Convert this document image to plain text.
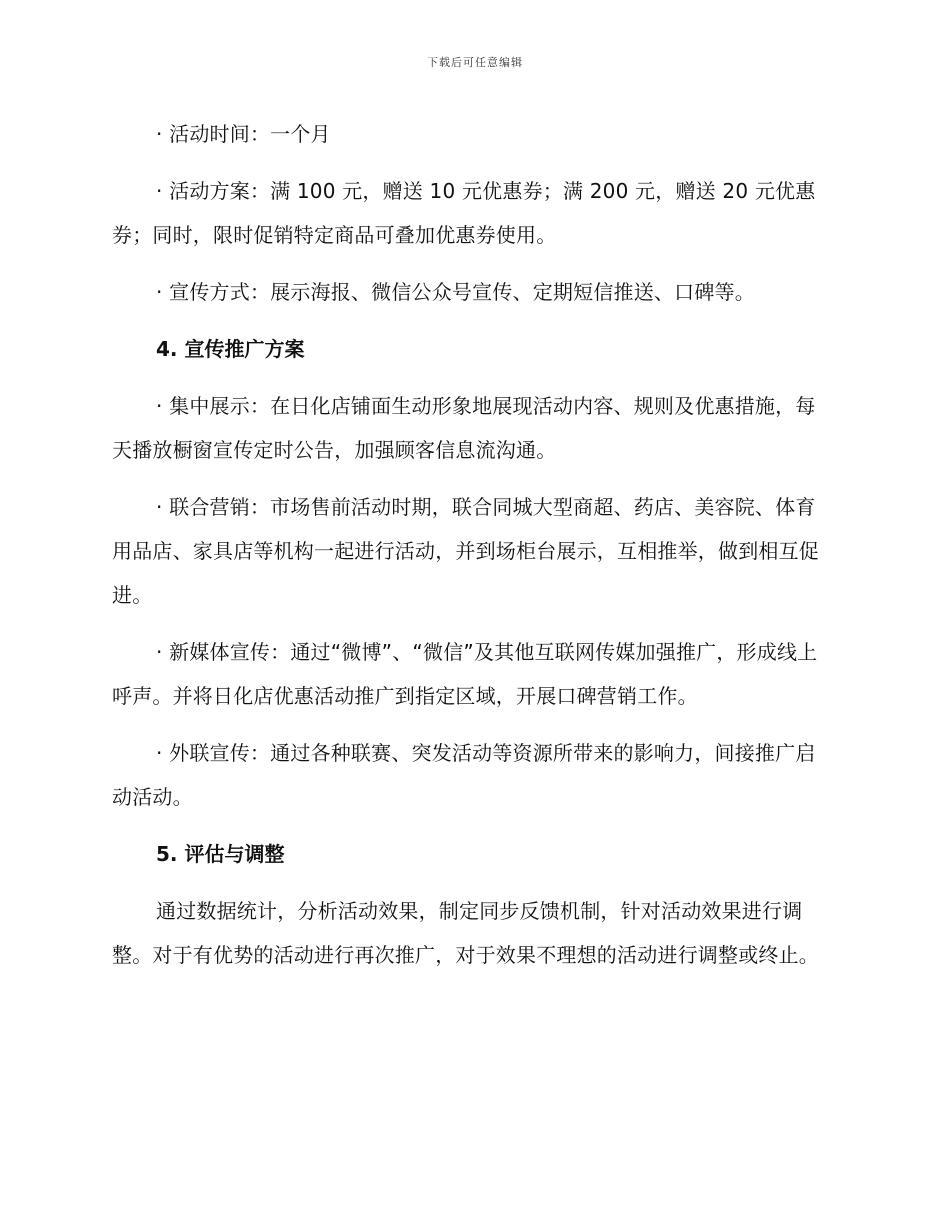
下载后可任意编辑

· 活动时间：一个月

· 活动方案：满 100 元，赠送 10 元优惠券；满 200 元，赠送 20 元优惠券；同时，限时促销特定商品可叠加优惠券使用。

· 宣传方式：展示海报、微信公众号宣传、定期短信推送、口碑等。

4. 宣传推广方案

· 集中展示：在日化店铺面生动形象地展现活动内容、规则及优惠措施，每天播放橱窗宣传定时公告，加强顾客信息流沟通。

· 联合营销：市场售前活动时期，联合同城大型商超、药店、美容院、体育用品店、家具店等机构一起进行活动，并到场柜台展示，互相推举，做到相互促进。

· 新媒体宣传：通过“微博”、“微信”及其他互联网传媒加强推广，形成线上呼声。并将日化店优惠活动推广到指定区域，开展口碑营销工作。

· 外联宣传：通过各种联赛、突发活动等资源所带来的影响力，间接推广启动活动。

5. 评估与调整

通过数据统计，分析活动效果，制定同步反馈机制，针对活动效果进行调整。对于有优势的活动进行再次推广，对于效果不理想的活动进行调整或终止。
